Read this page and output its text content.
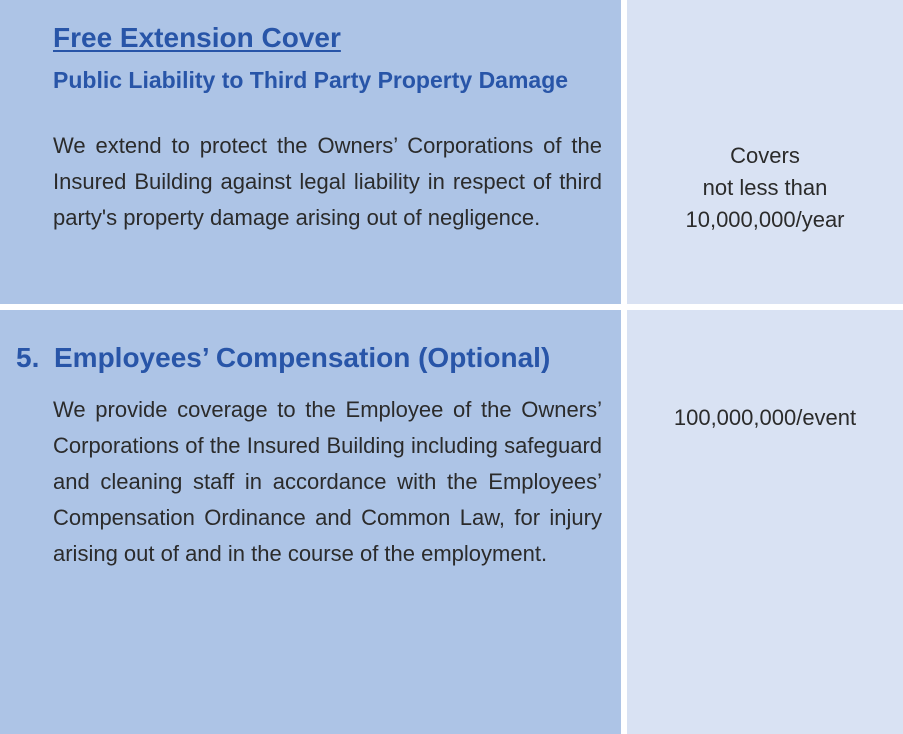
Free Extension Cover
Public Liability to Third Party Property Damage

We extend to protect the Owners’ Corporations of the Insured Building against legal liability in respect of third party's property damage arising out of negligence.

Covers
not less than
10,000,000/year
5. Employees’ Compensation (Optional)

We provide coverage to the Employee of the Owners’ Corporations of the Insured Building including safeguard and cleaning staff in accordance with the Employees’ Compensation Ordinance and Common Law, for injury arising out of and in the course of the employment.

100,000,000/event
